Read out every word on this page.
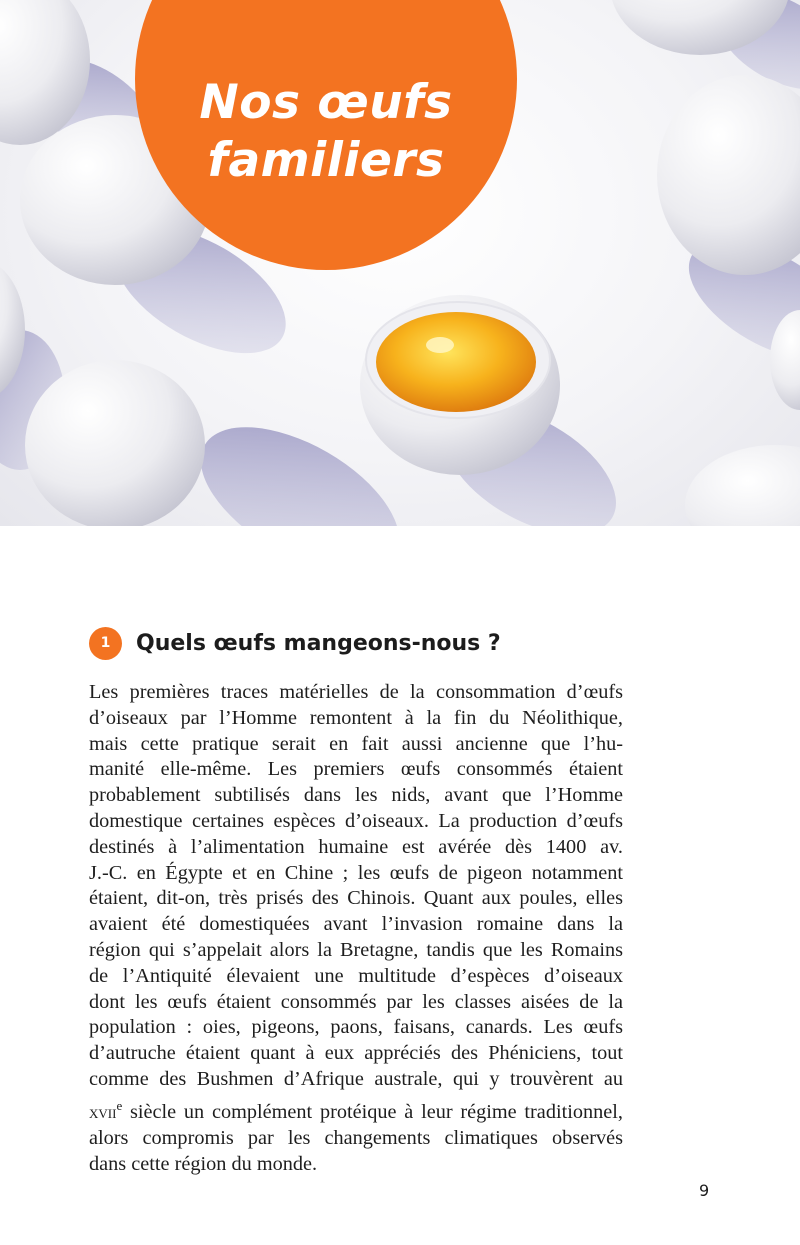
Nos œufs
familiers
1	Quels œufs mangeons-nous ?
Les premières traces matérielles de la consommation d’œufs
d’oiseaux par l’Homme remontent à la fin du Néolithique,
mais cette pratique serait en fait aussi ancienne que l’hu-
manité elle-même. Les premiers œufs consommés étaient
probablement subtilisés dans les nids, avant que l’Homme
domestique certaines espèces d’oiseaux. La production d’œufs
destinés à l’alimentation humaine est avérée dès 1400 av.
J.-C. en Égypte et en Chine ; les œufs de pigeon notamment
étaient, dit-on, très prisés des Chinois. Quant aux poules, elles
avaient été domestiquées avant l’invasion romaine dans la
région qui s’appelait alors la Bretagne, tandis que les Romains
de l’Antiquité élevaient une multitude d’espèces d’oiseaux
dont les œufs étaient consommés par les classes aisées de la
population : oies, pigeons, paons, faisans, canards. Les œufs
d’autruche étaient quant à eux appréciés des Phéniciens, tout
comme des Bushmen d’Afrique australe, qui y trouvèrent au
XVIIe siècle un complément protéique à leur régime traditionnel,
alors compromis par les changements climatiques observés
dans cette région du monde.
9
